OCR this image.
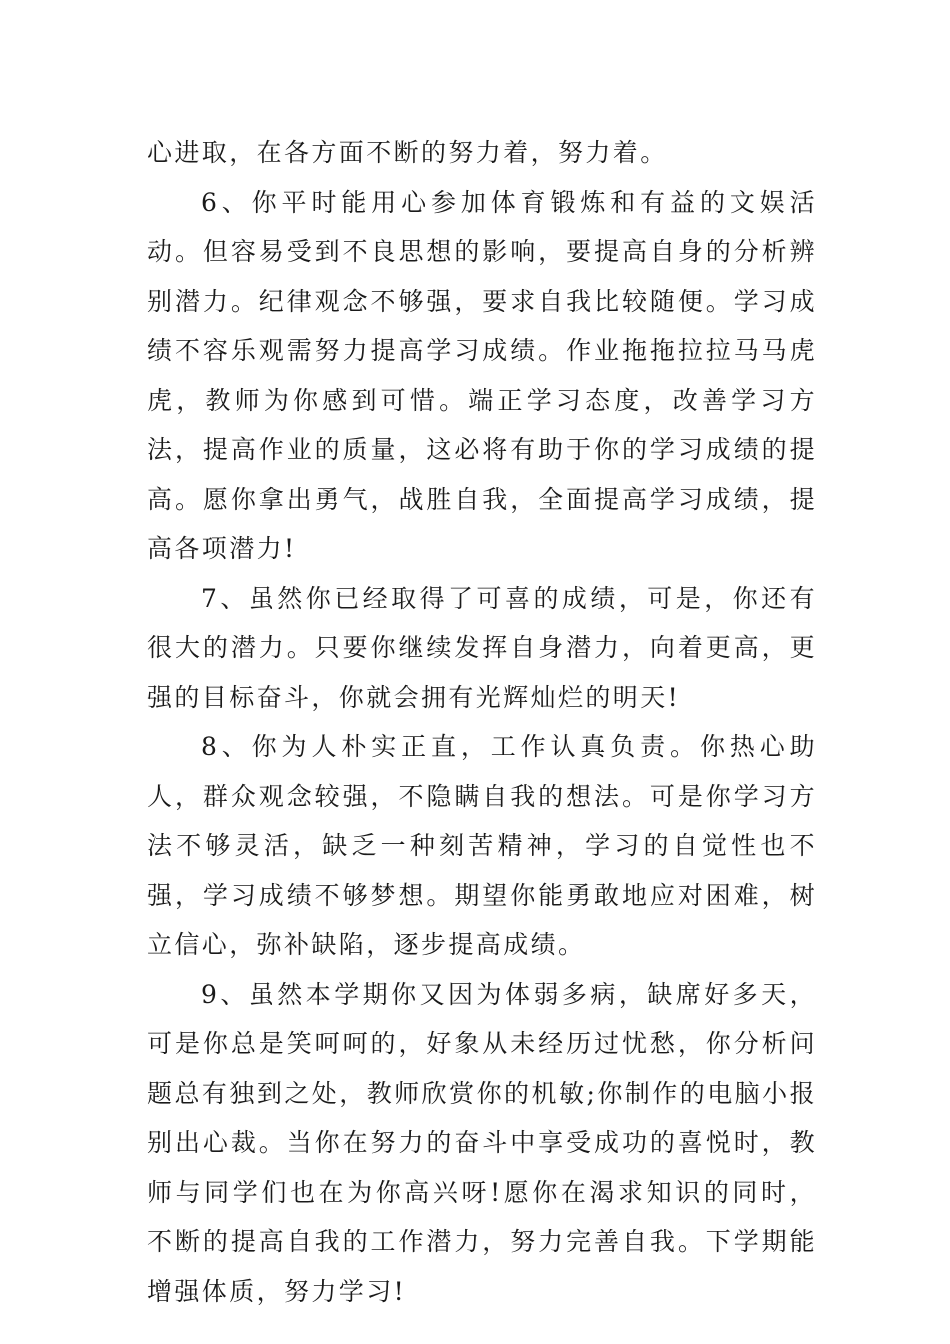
心进取，在各方面不断的努力着，努力着。

6、你平时能用心参加体育锻炼和有益的文娱活动。但容易受到不良思想的影响，要提高自身的分析辨别潜力。纪律观念不够强，要求自我比较随便。学习成绩不容乐观需努力提高学习成绩。作业拖拖拉拉马马虎虎，教师为你感到可惜。端正学习态度，改善学习方法，提高作业的质量，这必将有助于你的学习成绩的提高。愿你拿出勇气，战胜自我，全面提高学习成绩，提高各项潜力!

7、虽然你已经取得了可喜的成绩，可是，你还有很大的潜力。只要你继续发挥自身潜力，向着更高，更强的目标奋斗，你就会拥有光辉灿烂的明天!

8、你为人朴实正直，工作认真负责。你热心助人，群众观念较强，不隐瞒自我的想法。可是你学习方法不够灵活，缺乏一种刻苦精神，学习的自觉性也不强，学习成绩不够梦想。期望你能勇敢地应对困难，树立信心，弥补缺陷，逐步提高成绩。

9、虽然本学期你又因为体弱多病，缺席好多天，可是你总是笑呵呵的，好象从未经历过忧愁，你分析问题总有独到之处，教师欣赏你的机敏;你制作的电脑小报别出心裁。当你在努力的奋斗中享受成功的喜悦时，教师与同学们也在为你高兴呀!愿你在渴求知识的同时，不断的提高自我的工作潜力，努力完善自我。下学期能增强体质，努力学习!
